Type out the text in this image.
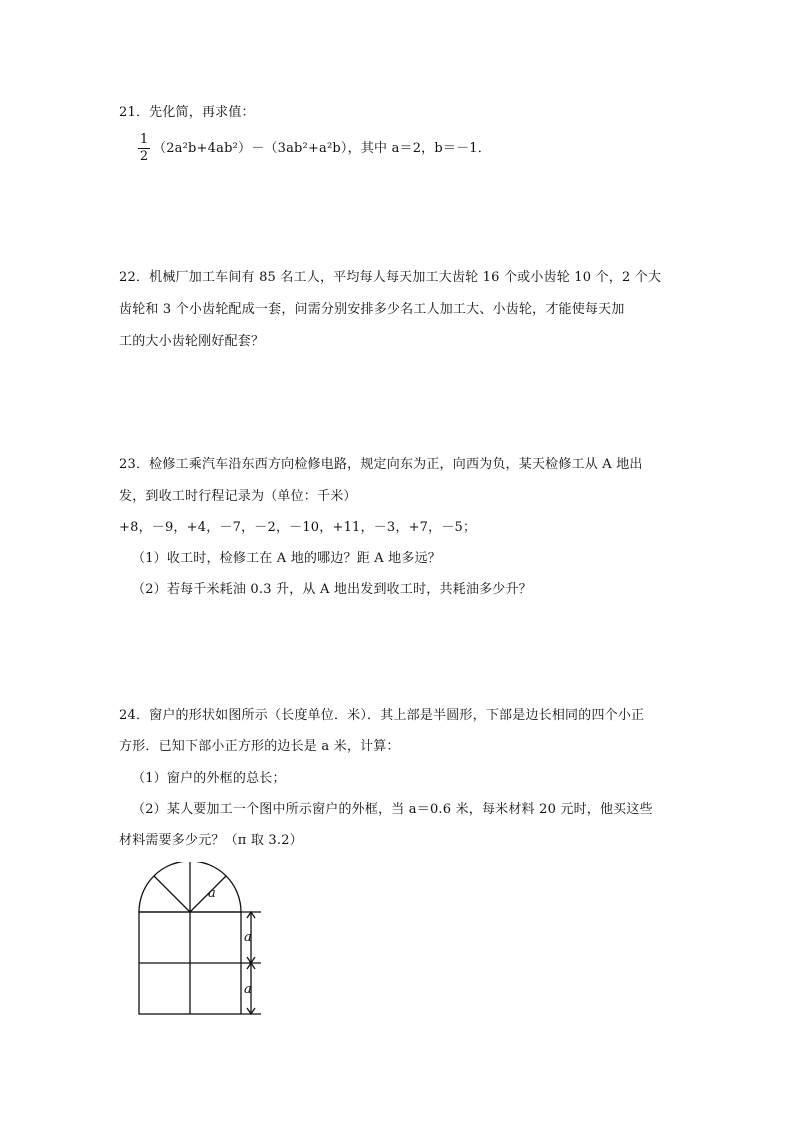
21．先化简，再求值：
1
2
（2a²b+4ab²）－（3ab²+a²b），其中 a＝2，b＝－1．
22．机械厂加工车间有 85 名工人，平均每人每天加工大齿轮 16 个或小齿轮 10 个，2 个大
齿轮和 3 个小齿轮配成一套，问需分别安排多少名工人加工大、小齿轮，才能使每天加
工的大小齿轮刚好配套？
23．检修工乘汽车沿东西方向检修电路，规定向东为正，向西为负，某天检修工从 A 地出
发，到收工时行程记录为（单位：千米）
+8，－9，+4，－7，－2，－10，+11，－3，+7，－5；
（1）收工时，检修工在 A 地的哪边？距 A 地多远？
（2）若每千米耗油 0.3 升，从 A 地出发到收工时，共耗油多少升？
24．窗户的形状如图所示（长度单位．米）．其上部是半圆形，下部是边长相同的四个小正
方形．已知下部小正方形的边长是 a 米，计算：
（1）窗户的外框的总长；
（2）某人要加工一个图中所示窗户的外框，当 a＝0.6 米，每米材料 20 元时，他买这些
材料需要多少元？（π 取 3.2）
a
a
a
